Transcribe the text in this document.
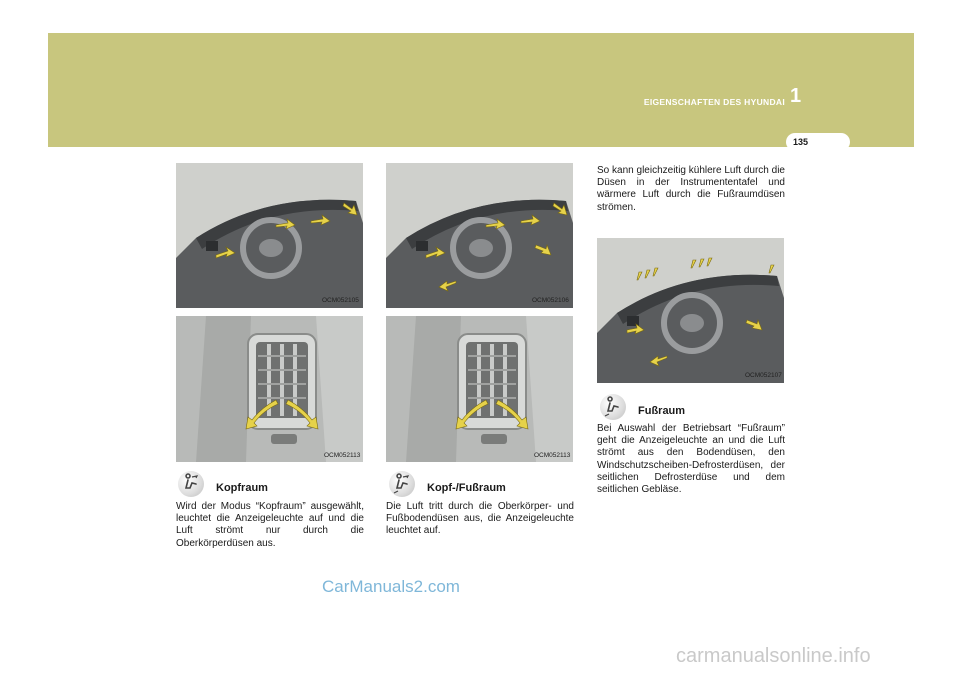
EIGENSCHAFTEN DES HYUNDAI 1
135
OCM052105	OCM052106
OCM052107
OCM052113	OCM052113
Kopfraum
Wird der Modus “Kopfraum” ausgewählt, leuchtet die Anzeigeleuchte auf und die Luft strömt nur durch die Oberkörperdüsen aus.
Kopf-/Fußraum
Die Luft tritt durch die Oberkörper- und Fußbodendüsen aus, die Anzeigeleuchte leuchtet auf.
So kann gleichzeitig kühlere Luft durch die Düsen in der Instrumententafel und wärmere Luft durch die Fußraumdüsen strömen.
Fußraum
Bei Auswahl der Betriebsart “Fußraum” geht die Anzeigeleuchte an und die Luft strömt aus den Bodendüsen, den Windschutzscheiben-Defrosterdüsen, der seitlichen Defrosterdüse und dem seitlichen Gebläse.
CarManuals2.com
carmanualsonline.info
